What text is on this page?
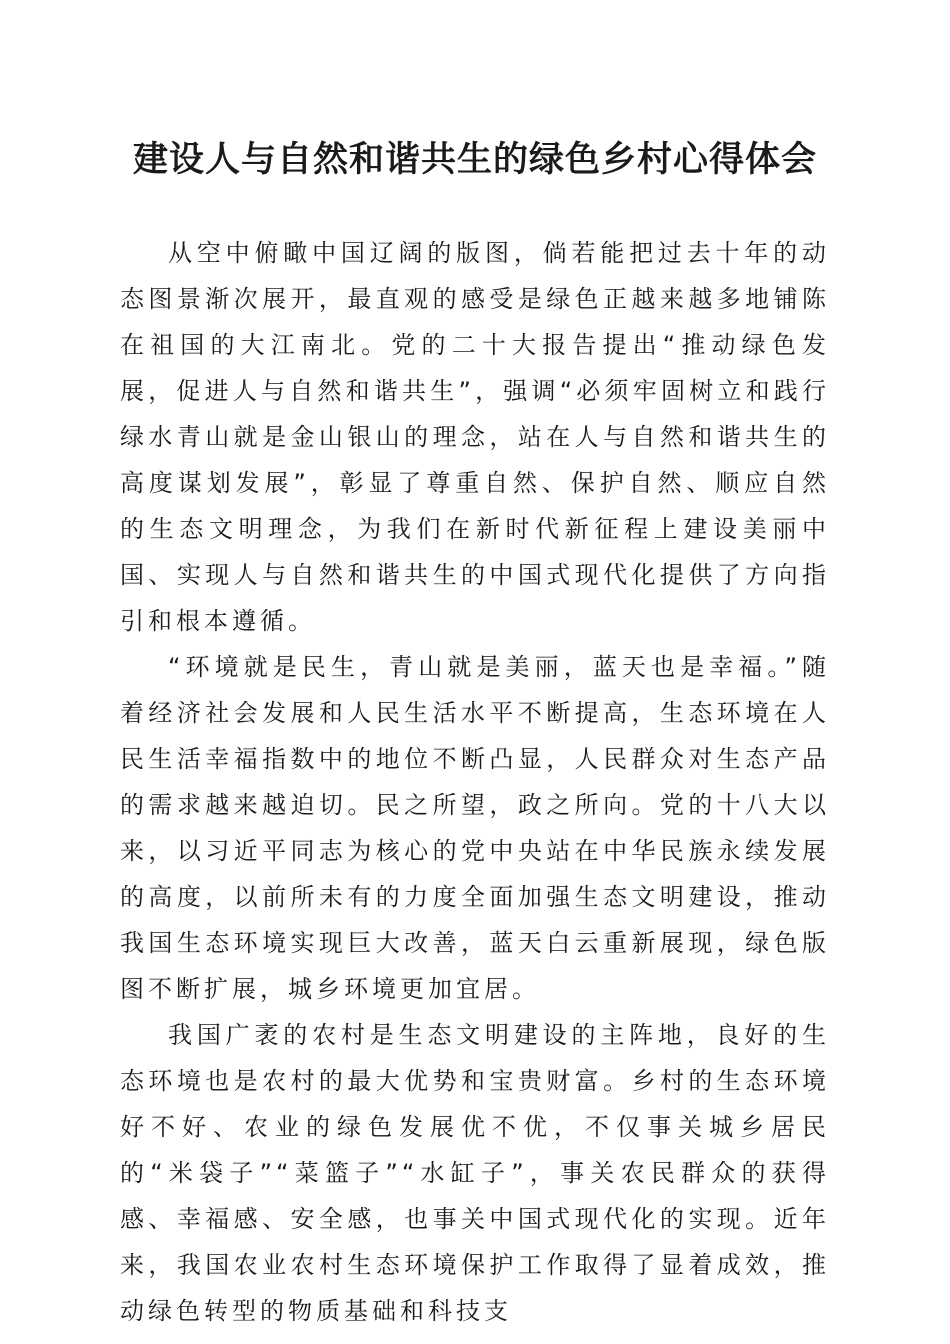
建设人与自然和谐共生的绿色乡村心得体会

从空中俯瞰中国辽阔的版图，倘若能把过去十年的动态图景渐次展开，最直观的感受是绿色正越来越多地铺陈在祖国的大江南北。党的二十大报告提出“推动绿色发展，促进人与自然和谐共生”，强调“必须牢固树立和践行绿水青山就是金山银山的理念，站在人与自然和谐共生的高度谋划发展”，彰显了尊重自然、保护自然、顺应自然的生态文明理念，为我们在新时代新征程上建设美丽中国、实现人与自然和谐共生的中国式现代化提供了方向指引和根本遵循。

“环境就是民生，青山就是美丽，蓝天也是幸福。”随着经济社会发展和人民生活水平不断提高，生态环境在人民生活幸福指数中的地位不断凸显，人民群众对生态产品的需求越来越迫切。民之所望，政之所向。党的十八大以来，以习近平同志为核心的党中央站在中华民族永续发展的高度，以前所未有的力度全面加强生态文明建设，推动我国生态环境实现巨大改善，蓝天白云重新展现，绿色版图不断扩展，城乡环境更加宜居。

我国广袤的农村是生态文明建设的主阵地，良好的生态环境也是农村的最大优势和宝贵财富。乡村的生态环境好不好、农业的绿色发展优不优，不仅事关城乡居民的“米袋子”“菜篮子”“水缸子”，事关农民群众的获得感、幸福感、安全感，也事关中国式现代化的实现。近年来，我国农业农村生态环境保护工作取得了显着成效，推动绿色转型的物质基础和科技支
